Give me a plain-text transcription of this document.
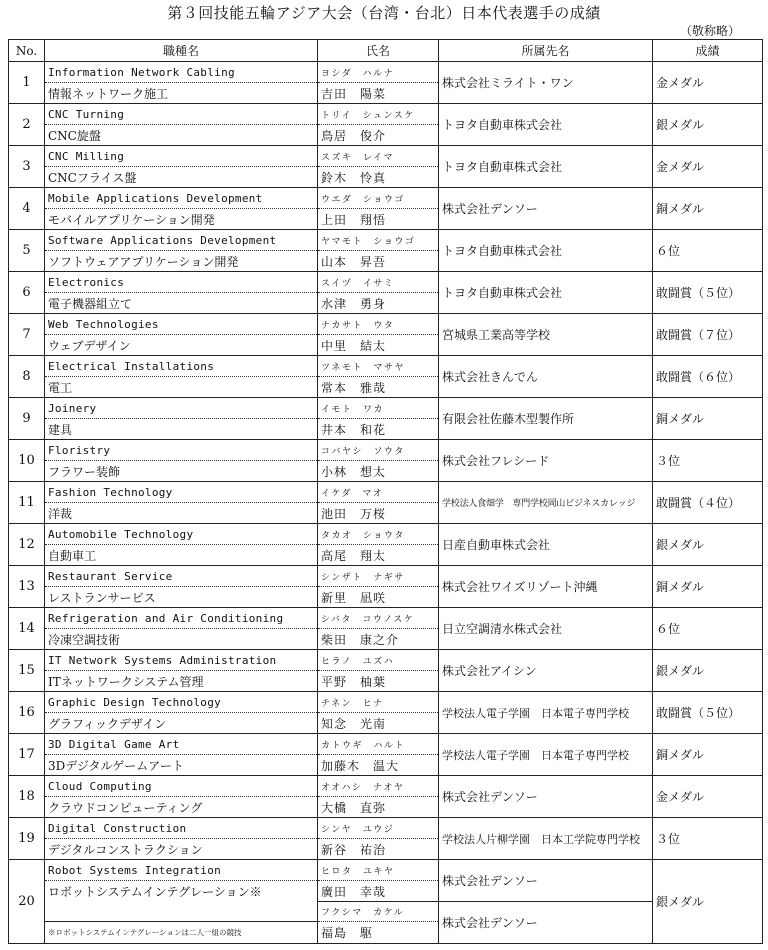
第３回技能五輪アジア大会（台湾・台北）日本代表選手の成績
（敬称略）
No.	職種名	氏名	所属先名	成績
1	Information Network Cabling	ヨシダ　ハルナ	株式会社ミライト・ワン	金メダル
	情報ネットワーク施工	吉田　陽菜		
2	CNC Turning	トリイ　シュンスケ	トヨタ自動車株式会社	銀メダル
	CNC旋盤	鳥居　俊介		
3	CNC Milling	スズキ　レイマ	トヨタ自動車株式会社	金メダル
	CNCフライス盤	鈴木　怜真		
4	Mobile Applications Development	ウエダ　ショウゴ	株式会社デンソー	銅メダル
	モバイルアプリケーション開発	上田　翔悟		
5	Software Applications Development	ヤマモト　ショウゴ	トヨタ自動車株式会社	６位
	ソフトウェアアプリケーション開発	山本　昇吾		
6	Electronics	スイヅ　イサミ	トヨタ自動車株式会社	敢闘賞（５位）
	電子機器組立て	水津　勇身		
7	Web Technologies	ナカサト　ウタ	宮城県工業高等学校	敢闘賞（７位）
	ウェブデザイン	中里　結太		
8	Electrical Installations	ツネモト　マサヤ	株式会社きんでん	敢闘賞（６位）
	電工	常本　雅哉		
9	Joinery	イモト　ワカ	有限会社佐藤木型製作所	銅メダル
	建具	井本　和花		
10	Floristry	コバヤシ　ソウタ	株式会社フレシード	３位
	フラワー装飾	小林　想太		
11	Fashion Technology	イケダ　マオ	学校法人食畑学　専門学校岡山ビジネスカレッジ	敢闘賞（４位）
	洋裁	池田　万桜		
12	Automobile Technology	タカオ　ショウタ	日産自動車株式会社	銀メダル
	自動車工	高尾　翔太		
13	Restaurant Service	シンザト　ナギサ	株式会社ワイズリゾート沖縄	銅メダル
	レストランサービス	新里　凪咲		
14	Refrigeration and Air Conditioning	シバタ　コウノスケ	日立空調清水株式会社	６位
	冷凍空調技術	柴田　康之介		
15	IT Network Systems Administration	ヒラノ　ユズハ	株式会社アイシン	銀メダル
	ITネットワークシステム管理	平野　柚葉		
16	Graphic Design Technology	チネン　ヒナ	学校法人電子学園　日本電子専門学校	敢闘賞（５位）
	グラフィックデザイン	知念　光南		
17	3D Digital Game Art	カトウギ　ハルト	学校法人電子学園　日本電子専門学校	銅メダル
	3Dデジタルゲームアート	加藤木　温大		
18	Cloud Computing	オオハシ　ナオヤ	株式会社デンソー	金メダル
	クラウドコンピューティング	大橋　直弥		
19	Digital Construction	シンヤ　ユウジ	学校法人片柳学園　日本工学院専門学校	３位
	デジタルコンストラクション	新谷　祐治		
20	Robot Systems Integration	ヒロタ　ユキヤ	株式会社デンソー	銀メダル
	ロボットシステムインテグレーション※	廣田　幸哉		
		フクシマ　カケル	株式会社デンソー	
		福島　駆		
	※ロボットシステムインテグレーションは二人一組の競技			
